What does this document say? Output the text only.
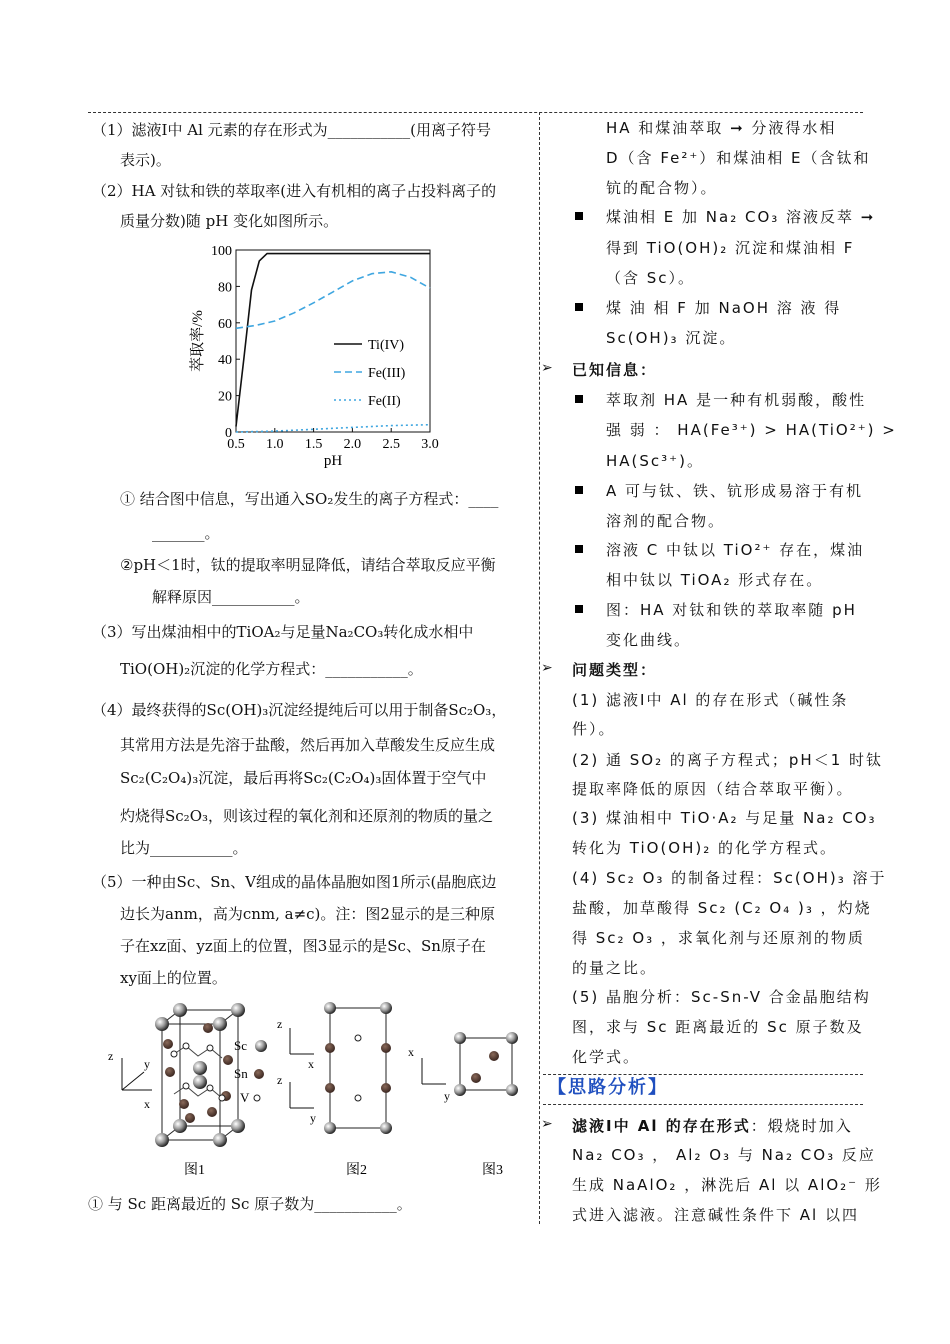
（1）滤液Ⅰ中 Al 元素的存在形式为___________(用离子符号
表示)。
（2）HA 对钛和铁的萃取率(进入有机相的离子占投料离子的
质量分数)随 pH 变化如图所示。
0
20
40
60
80
100
0.5 1.0 1.5 2.0 2.5 3.0
pH
萃取率/%	Ti(IV)
Fe(III)
Fe(II)
① 结合图中信息，写出通入SO₂发生的离子方程式：____
_______。
②pH＜1时，钛的提取率明显降低，请结合萃取反应平衡
解释原因___________。
（3）写出煤油相中的TiOA₂与足量Na₂CO₃转化成水相中
TiO(OH)₂沉淀的化学方程式：___________。
（4）最终获得的Sc(OH)₃沉淀经提纯后可以用于制备Sc₂O₃，
其常用方法是先溶于盐酸，然后再加入草酸发生反应生成
Sc₂(C₂O₄)₃沉淀，最后再将Sc₂(C₂O₄)₃固体置于空气中
灼烧得Sc₂O₃，则该过程的氧化剂和还原剂的物质的量之
比为___________。
（5）一种由Sc、Sn、V组成的晶体晶胞如图1所示(晶胞底边
边长为anm，高为cnm, a≠c)。注：图2显示的是三种原
子在xz面、yz面上的位置，图3显示的是Sc、Sn原子在
xy面上的位置。
z
y
x
Sc
Sn
V
z
x
z
y
x
y
图1	图2	图3
① 与 Sc 距离最近的 Sc 原子数为___________。
HA 和煤油萃取 ➞ 分液得水相
D（含 Fe²⁺）和煤油相 E（含钛和
钪的配合物）。
煤油相 E 加 Na₂ CO₃ 溶液反萃 ➞
得到 TiO(OH)₂ 沉淀和煤油相 F
（含 Sc）。
煤 油 相 F 加 NaOH 溶 液 得
Sc(OH)₃ 沉淀。
➢ 已知信息：
萃取剂 HA 是一种有机弱酸，酸性
强 弱 ： HA(Fe³⁺) > HA(TiO²⁺) >
HA(Sc³⁺)。
A 可与钛、铁、钪形成易溶于有机
溶剂的配合物。
溶液 C 中钛以 TiO²⁺ 存在，煤油
相中钛以 TiOA₂ 形式存在。
图：HA 对钛和铁的萃取率随 pH
变化曲线。
➢ 问题类型：
(1) 滤液Ⅰ中 Al 的存在形式（碱性条
件）。
(2) 通 SO₂ 的离子方程式；pH＜1 时钛
提取率降低的原因（结合萃取平衡）。
(3) 煤油相中 TiO·A₂ 与足量 Na₂ CO₃
转化为 TiO(OH)₂ 的化学方程式。
(4) Sc₂ O₃ 的制备过程：Sc(OH)₃ 溶于
盐酸，加草酸得 Sc₂ (C₂ O₄ )₃ ，灼烧
得 Sc₂ O₃ ，求氧化剂与还原剂的物质
的量之比。
(5) 晶胞分析：Sc-Sn-V 合金晶胞结构
图，求与 Sc 距离最近的 Sc 原子数及
化学式。
【思路分析】
➢ 滤液Ⅰ中 Al 的存在形式：煅烧时加入
Na₂ CO₃ ， Al₂ O₃ 与 Na₂ CO₃ 反应
生成 NaAlO₂ ，淋洗后 Al 以 AlO₂⁻ 形
式进入滤液。注意碱性条件下 Al 以四
